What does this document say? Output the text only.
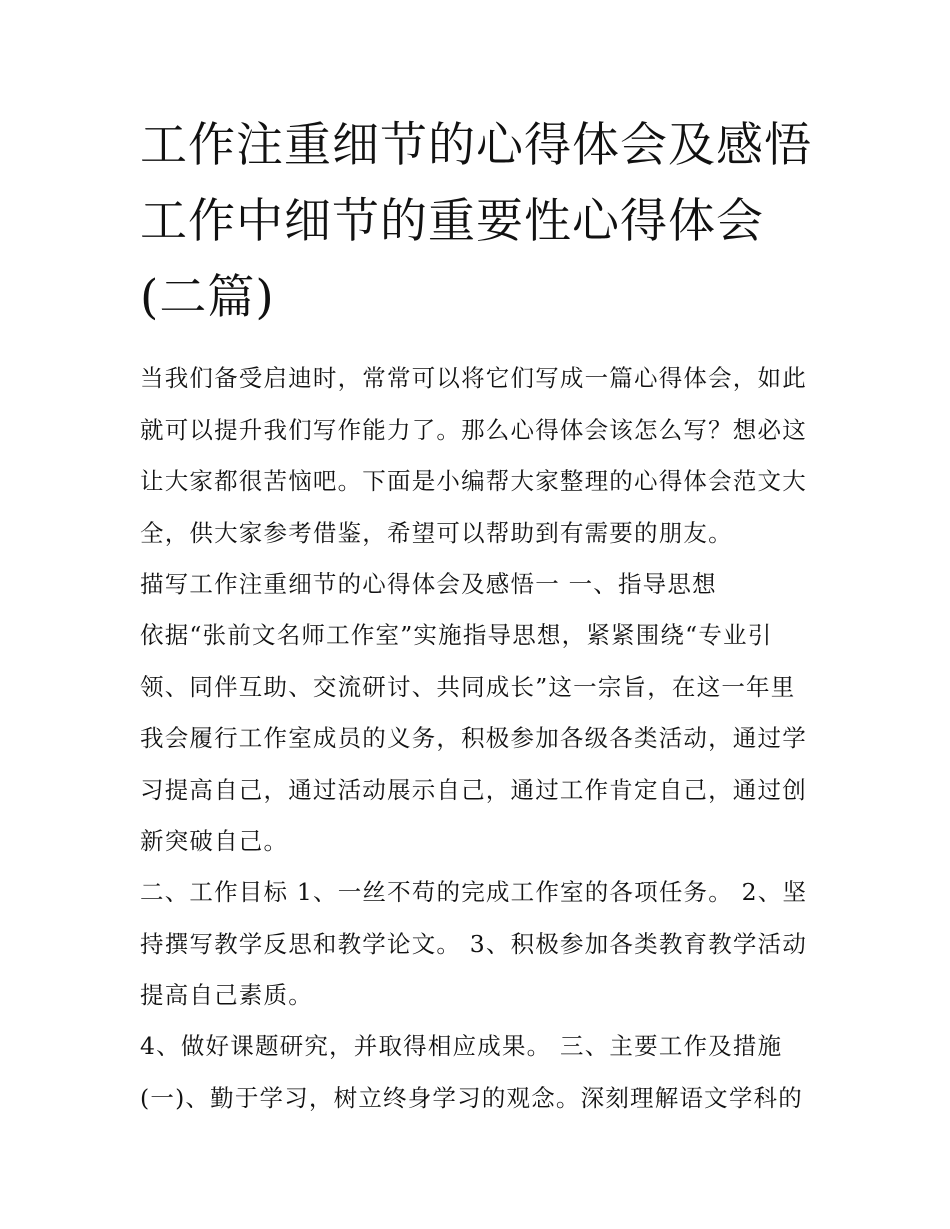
工作注重细节的心得体会及感悟 工作中细节的重要性心得体会(二篇)

当我们备受启迪时，常常可以将它们写成一篇心得体会，如此就可以提升我们写作能力了。那么心得体会该怎么写？想必这让大家都很苦恼吧。下面是小编帮大家整理的心得体会范文大全，供大家参考借鉴，希望可以帮助到有需要的朋友。

描写工作注重细节的心得体会及感悟一 一、指导思想

依据“张前文名师工作室”实施指导思想，紧紧围绕“专业引领、同伴互助、交流研讨、共同成长”这一宗旨，在这一年里我会履行工作室成员的义务，积极参加各级各类活动，通过学习提高自己，通过活动展示自己，通过工作肯定自己，通过创新突破自己。

二、工作目标 1、一丝不苟的完成工作室的各项任务。 2、坚持撰写教学反思和教学论文。 3、积极参加各类教育教学活动提高自己素质。

4、做好课题研究，并取得相应成果。 三、主要工作及措施 (一)、勤于学习，树立终身学习的观念。深刻理解语文学科的
